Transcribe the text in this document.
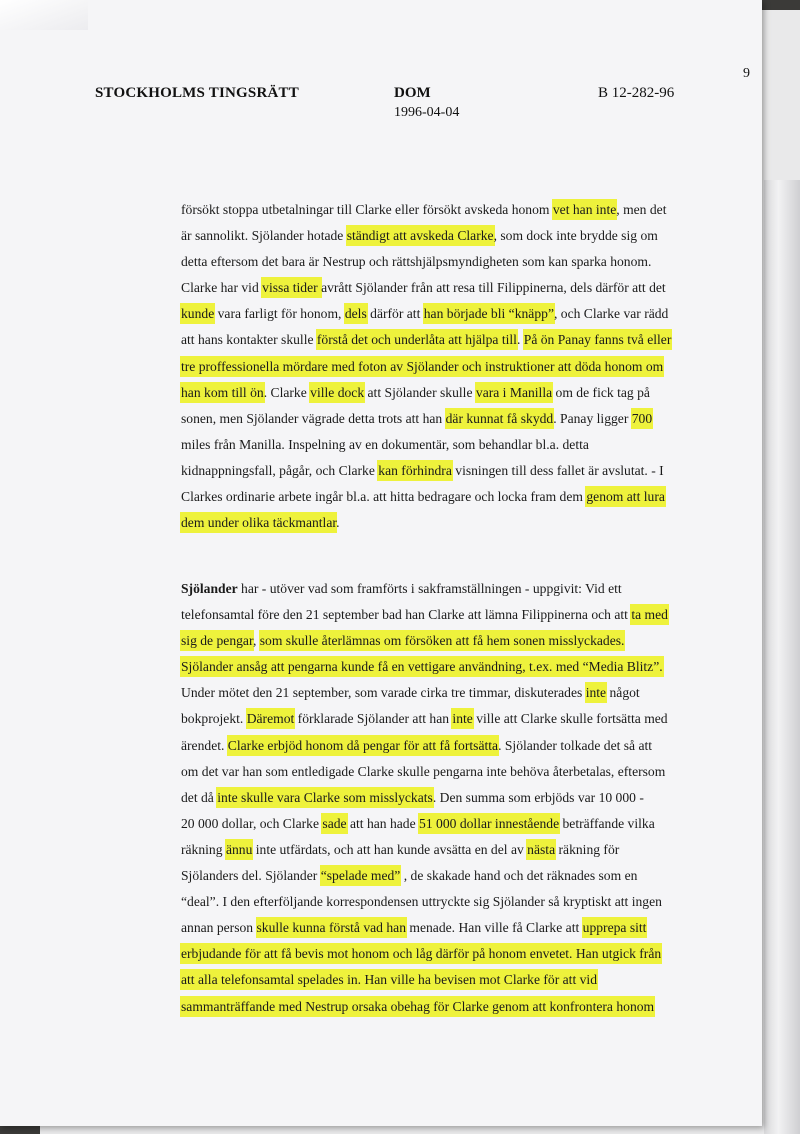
STOCKHOLMS TINGSRÄTT	DOM
1996-04-04
B 12-282-96
9
försökt stoppa utbetalningar till Clarke eller försökt avskeda honom vet han inte, men det
är sannolikt. Sjölander hotade ständigt att avskeda Clarke, som dock inte brydde sig om
detta eftersom det bara är Nestrup och rättshjälpsmyndigheten som kan sparka honom.
Clarke har vid vissa tider avrått Sjölander från att resa till Filippinerna, dels därför att det
kunde vara farligt för honom, dels därför att han började bli “knäpp”, och Clarke var rädd
att hans kontakter skulle förstå det och underlåta att hjälpa till. På ön Panay fanns två eller
tre proffessionella mördare med foton av Sjölander och instruktioner att döda honom om
han kom till ön. Clarke ville dock att Sjölander skulle vara i Manilla om de fick tag på
sonen, men Sjölander vägrade detta trots att han där kunnat få skydd. Panay ligger 700
miles från Manilla. Inspelning av en dokumentär, som behandlar bl.a. detta
kidnappningsfall, pågår, och Clarke kan förhindra visningen till dess fallet är avslutat. - I
Clarkes ordinarie arbete ingår bl.a. att hitta bedragare och locka fram dem genom att lura
dem under olika täckmantlar.
Sjölander har - utöver vad som framförts i sakframställningen - uppgivit: Vid ett
telefonsamtal före den 21 september bad han Clarke att lämna Filippinerna och att ta med
sig de pengar, som skulle återlämnas om försöken att få hem sonen misslyckades.
Sjölander ansåg att pengarna kunde få en vettigare användning, t.ex. med “Media Blitz”.
Under mötet den 21 september, som varade cirka tre timmar, diskuterades inte något
bokprojekt. Däremot förklarade Sjölander att han inte ville att Clarke skulle fortsätta med
ärendet. Clarke erbjöd honom då pengar för att få fortsätta. Sjölander tolkade det så att
om det var han som entledigade Clarke skulle pengarna inte behöva återbetalas, eftersom
det då inte skulle vara Clarke som misslyckats. Den summa som erbjöds var 10 000 -
20 000 dollar, och Clarke sade att han hade 51 000 dollar innestående beträffande vilka
räkning ännu inte utfärdats, och att han kunde avsätta en del av nästa räkning för
Sjölanders del. Sjölander “spelade med” , de skakade hand och det räknades som en
“deal”. I den efterföljande korrespondensen uttryckte sig Sjölander så kryptiskt att ingen
annan person skulle kunna förstå vad han menade. Han ville få Clarke att upprepa sitt
erbjudande för att få bevis mot honom och låg därför på honom envetet. Han utgick från
att alla telefonsamtal spelades in. Han ville ha bevisen mot Clarke för att vid
sammanträffande med Nestrup orsaka obehag för Clarke genom att konfrontera honom
